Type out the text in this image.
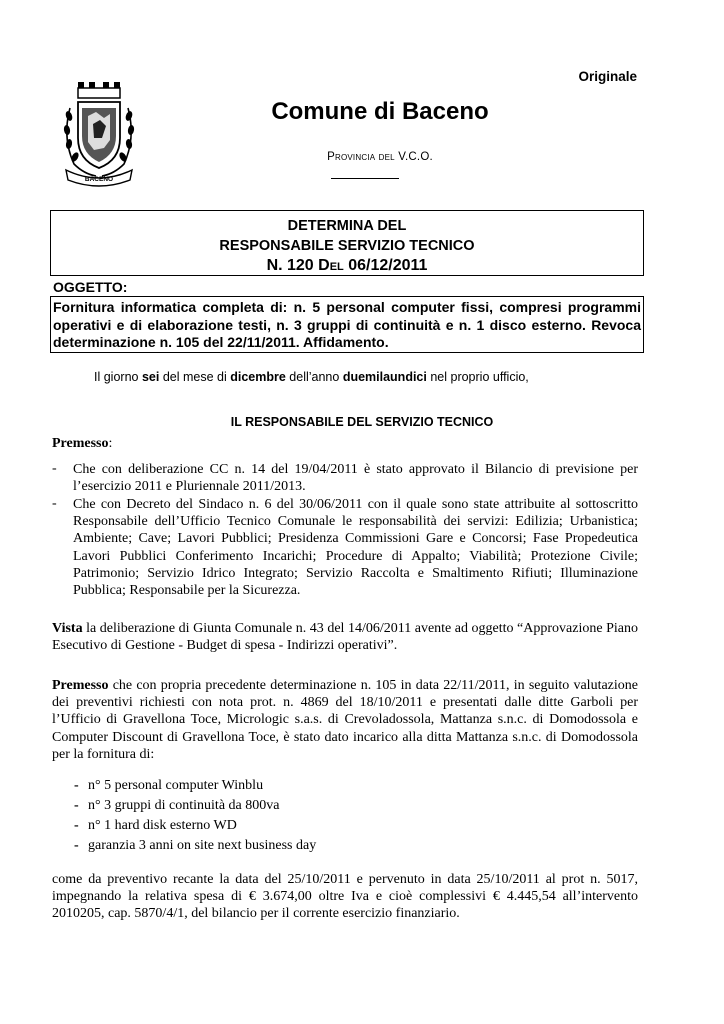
Originale
BACENO
Comune di Baceno
Provincia del V.C.O.
DETERMINA DEL
RESPONSABILE SERVIZIO TECNICO
N. 120 Del 06/12/2011
OGGETTO:
Fornitura informatica completa di: n. 5 personal computer fissi, compresi programmi operativi e di elaborazione testi, n. 3 gruppi di continuità e n. 1 disco esterno. Revoca determinazione n. 105 del 22/11/2011. Affidamento.
Il giorno sei del mese di dicembre dell’anno duemilaundici nel proprio ufficio,
IL RESPONSABILE DEL SERVIZIO TECNICO
Premesso:
- Che con deliberazione CC n. 14 del 19/04/2011 è stato approvato il Bilancio di previsione per l’esercizio 2011 e Pluriennale 2011/2013.
- Che con Decreto del Sindaco n. 6 del 30/06/2011 con il quale sono state attribuite al sottoscritto Responsabile dell’Ufficio Tecnico Comunale le responsabilità dei servizi: Edilizia; Urbanistica; Ambiente; Cave; Lavori Pubblici; Presidenza Commissioni Gare e Concorsi; Fase Propedeutica Lavori Pubblici Conferimento Incarichi; Procedure di Appalto; Viabilità; Protezione Civile; Patrimonio; Servizio Idrico Integrato; Servizio Raccolta e Smaltimento Rifiuti; Illuminazione Pubblica; Responsabile per la Sicurezza.
Vista la deliberazione di Giunta Comunale n. 43 del 14/06/2011 avente ad oggetto “Approvazione Piano Esecutivo di Gestione - Budget di spesa - Indirizzi operativi”.
Premesso che con propria precedente determinazione n. 105 in data 22/11/2011, in seguito valutazione dei preventivi richiesti con nota prot. n. 4869 del 18/10/2011 e presentati dalle ditte Garboli per l’Ufficio di Gravellona Toce, Micrologic s.a.s. di Crevoladossola, Mattanza s.n.c. di Domodossola e Computer Discount di Gravellona Toce, è stato dato incarico alla ditta Mattanza s.n.c. di Domodossola per la fornitura di:
- n° 5 personal computer Winblu
- n° 3 gruppi di continuità da 800va
- n° 1 hard disk esterno WD
- garanzia 3 anni on site next business day
come da preventivo recante la data del 25/10/2011 e pervenuto in data 25/10/2011 al prot n. 5017, impegnando la relativa spesa di € 3.674,00 oltre Iva e cioè complessivi € 4.445,54 all’intervento 2010205, cap. 5870/4/1, del bilancio per il corrente esercizio finanziario.
